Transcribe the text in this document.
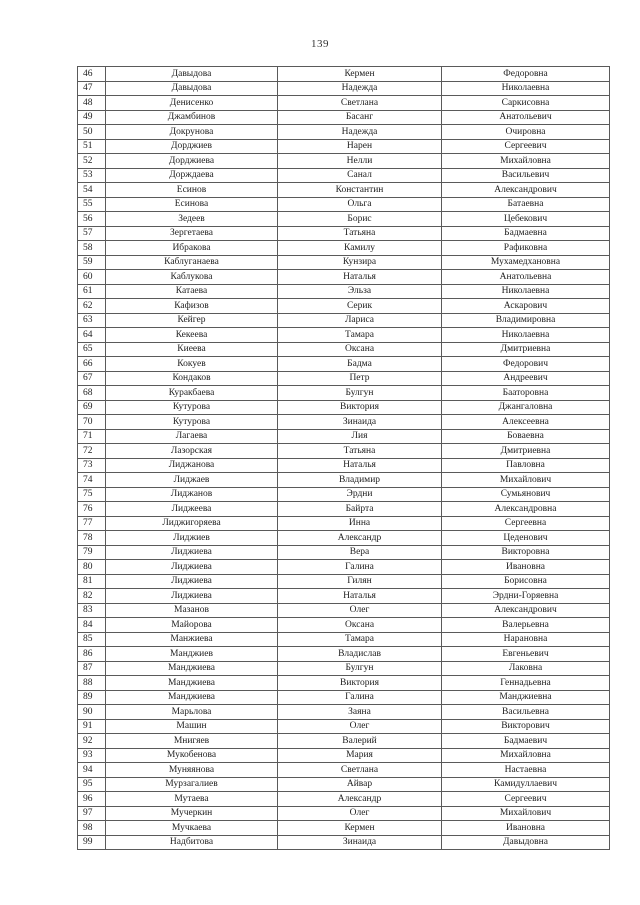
139
46	Давыдова	Кермен	Федоровна
47	Давыдова	Надежда	Николаевна
48	Денисенко	Светлана	Саркисовна
49	Джамбинов	Басанг	Анатольевич
50	Докрунова	Надежда	Очировна
51	Дорджиев	Нарен	Сергеевич
52	Дорджиева	Нелли	Михайловна
53	Дорждаева	Санал	Васильевич
54	Есинов	Константин	Александрович
55	Есинова	Ольга	Батаевна
56	Зедеев	Борис	Цебекович
57	Зергетаева	Татьяна	Бадмаевна
58	Ибракова	Камилу	Рафиковна
59	Каблуганаева	Кунзира	Мухамедхановна
60	Каблукова	Наталья	Анатольевна
61	Катаева	Эльза	Николаевна
62	Кафизов	Серик	Аскарович
63	Кейгер	Лариса	Владимировна
64	Кекеева	Тамара	Николаевна
65	Киеева	Оксана	Дмитриевна
66	Кокуев	Бадма	Федорович
67	Кондаков	Петр	Андреевич
68	Куракбаева	Булгун	Бааторовна
69	Кутурова	Виктория	Джангаловна
70	Кутурова	Зинаида	Алексеевна
71	Лагаева	Лия	Боваевна
72	Лазорская	Татьяна	Дмитриевна
73	Лиджанова	Наталья	Павловна
74	Лиджаев	Владимир	Михайлович
75	Лиджанов	Эрдни	Сумьянович
76	Лиджеева	Байрта	Александровна
77	Лиджигоряева	Инна	Сергеевна
78	Лиджиев	Александр	Цеденович
79	Лиджиева	Вера	Викторовна
80	Лиджиева	Галина	Ивановна
81	Лиджиева	Гилян	Борисовна
82	Лиджиева	Наталья	Эрдни-Горяевна
83	Мазанов	Олег	Александрович
84	Майорова	Оксана	Валерьевна
85	Манжиева	Тамара	Нарановна
86	Манджиев	Владислав	Евгеньевич
87	Манджиева	Булгун	Лаковна
88	Манджиева	Виктория	Геннадьевна
89	Манджиева	Галина	Манджиевна
90	Марьлова	Заяна	Васильевна
91	Машин	Олег	Викторович
92	Мнигяев	Валерий	Бадмаевич
93	Мукобенова	Мария	Михайловна
94	Муняянова	Светлана	Настаевна
95	Мурзагалиев	Айвар	Камидуллаевич
96	Мутаева	Александр	Сергеевич
97	Мучеркин	Олег	Михайлович
98	Мучкаева	Кермен	Ивановна
99	Надбитова	Зинаида	Давыдовна
